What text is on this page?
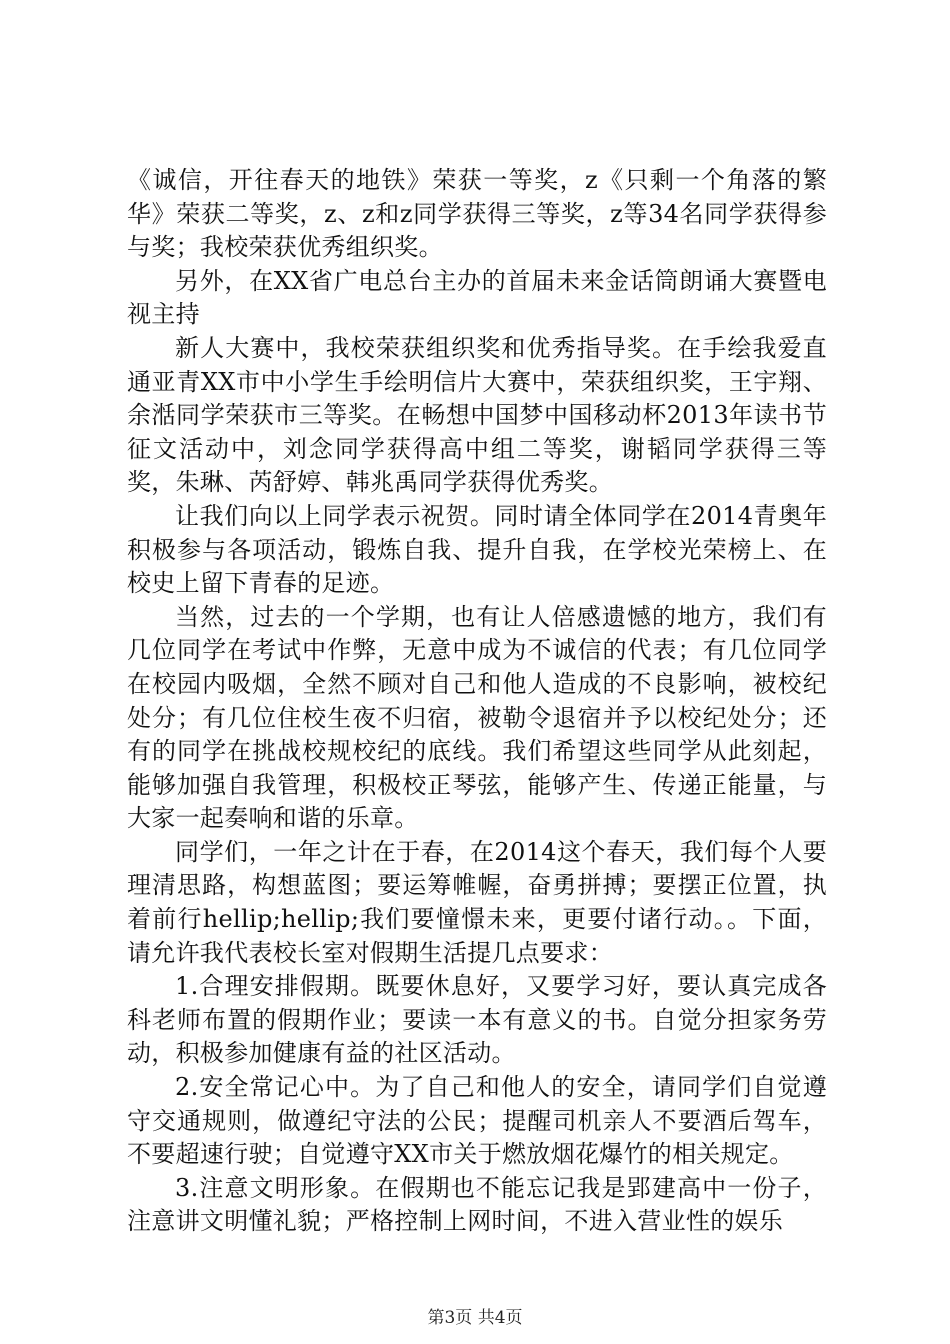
《诚信，开往春天的地铁》荣获一等奖，z《只剩一个角落的繁华》荣获二等奖，z、z和z同学获得三等奖，z等34名同学获得参与奖；我校荣获优秀组织奖。

另外，在XX省广电总台主办的首届未来金话筒朗诵大赛暨电视主持

新人大赛中，我校荣获组织奖和优秀指导奖。在手绘我爱直通亚青XX市中小学生手绘明信片大赛中，荣获组织奖，王宇翔、余湉同学荣获市三等奖。在畅想中国梦中国移动杯2013年读书节征文活动中，刘念同学获得高中组二等奖，谢韬同学获得三等奖，朱琳、芮舒婷、韩兆禹同学获得优秀奖。

让我们向以上同学表示祝贺。同时请全体同学在2014青奥年积极参与各项活动，锻炼自我、提升自我，在学校光荣榜上、在校史上留下青春的足迹。

当然，过去的一个学期，也有让人倍感遗憾的地方，我们有几位同学在考试中作弊，无意中成为不诚信的代表；有几位同学在校园内吸烟，全然不顾对自己和他人造成的不良影响，被校纪处分；有几位住校生夜不归宿，被勒令退宿并予以校纪处分；还有的同学在挑战校规校纪的底线。我们希望这些同学从此刻起，能够加强自我管理，积极校正琴弦，能够产生、传递正能量，与大家一起奏响和谐的乐章。

同学们，一年之计在于春，在2014这个春天，我们每个人要理清思路，构想蓝图；要运筹帷幄，奋勇拼搏；要摆正位置，执着前行hellip;hellip;我们要憧憬未来，更要付诸行动。。下面，请允许我代表校长室对假期生活提几点要求：

1.合理安排假期。既要休息好，又要学习好，要认真完成各科老师布置的假期作业；要读一本有意义的书。自觉分担家务劳动，积极参加健康有益的社区活动。

2.安全常记心中。为了自己和他人的安全，请同学们自觉遵守交通规则，做遵纪守法的公民；提醒司机亲人不要酒后驾车，不要超速行驶；自觉遵守XX市关于燃放烟花爆竹的相关规定。

3.注意文明形象。在假期也不能忘记我是郢建高中一份子，注意讲文明懂礼貌；严格控制上网时间，不进入营业性的娱乐

第3页 共4页
